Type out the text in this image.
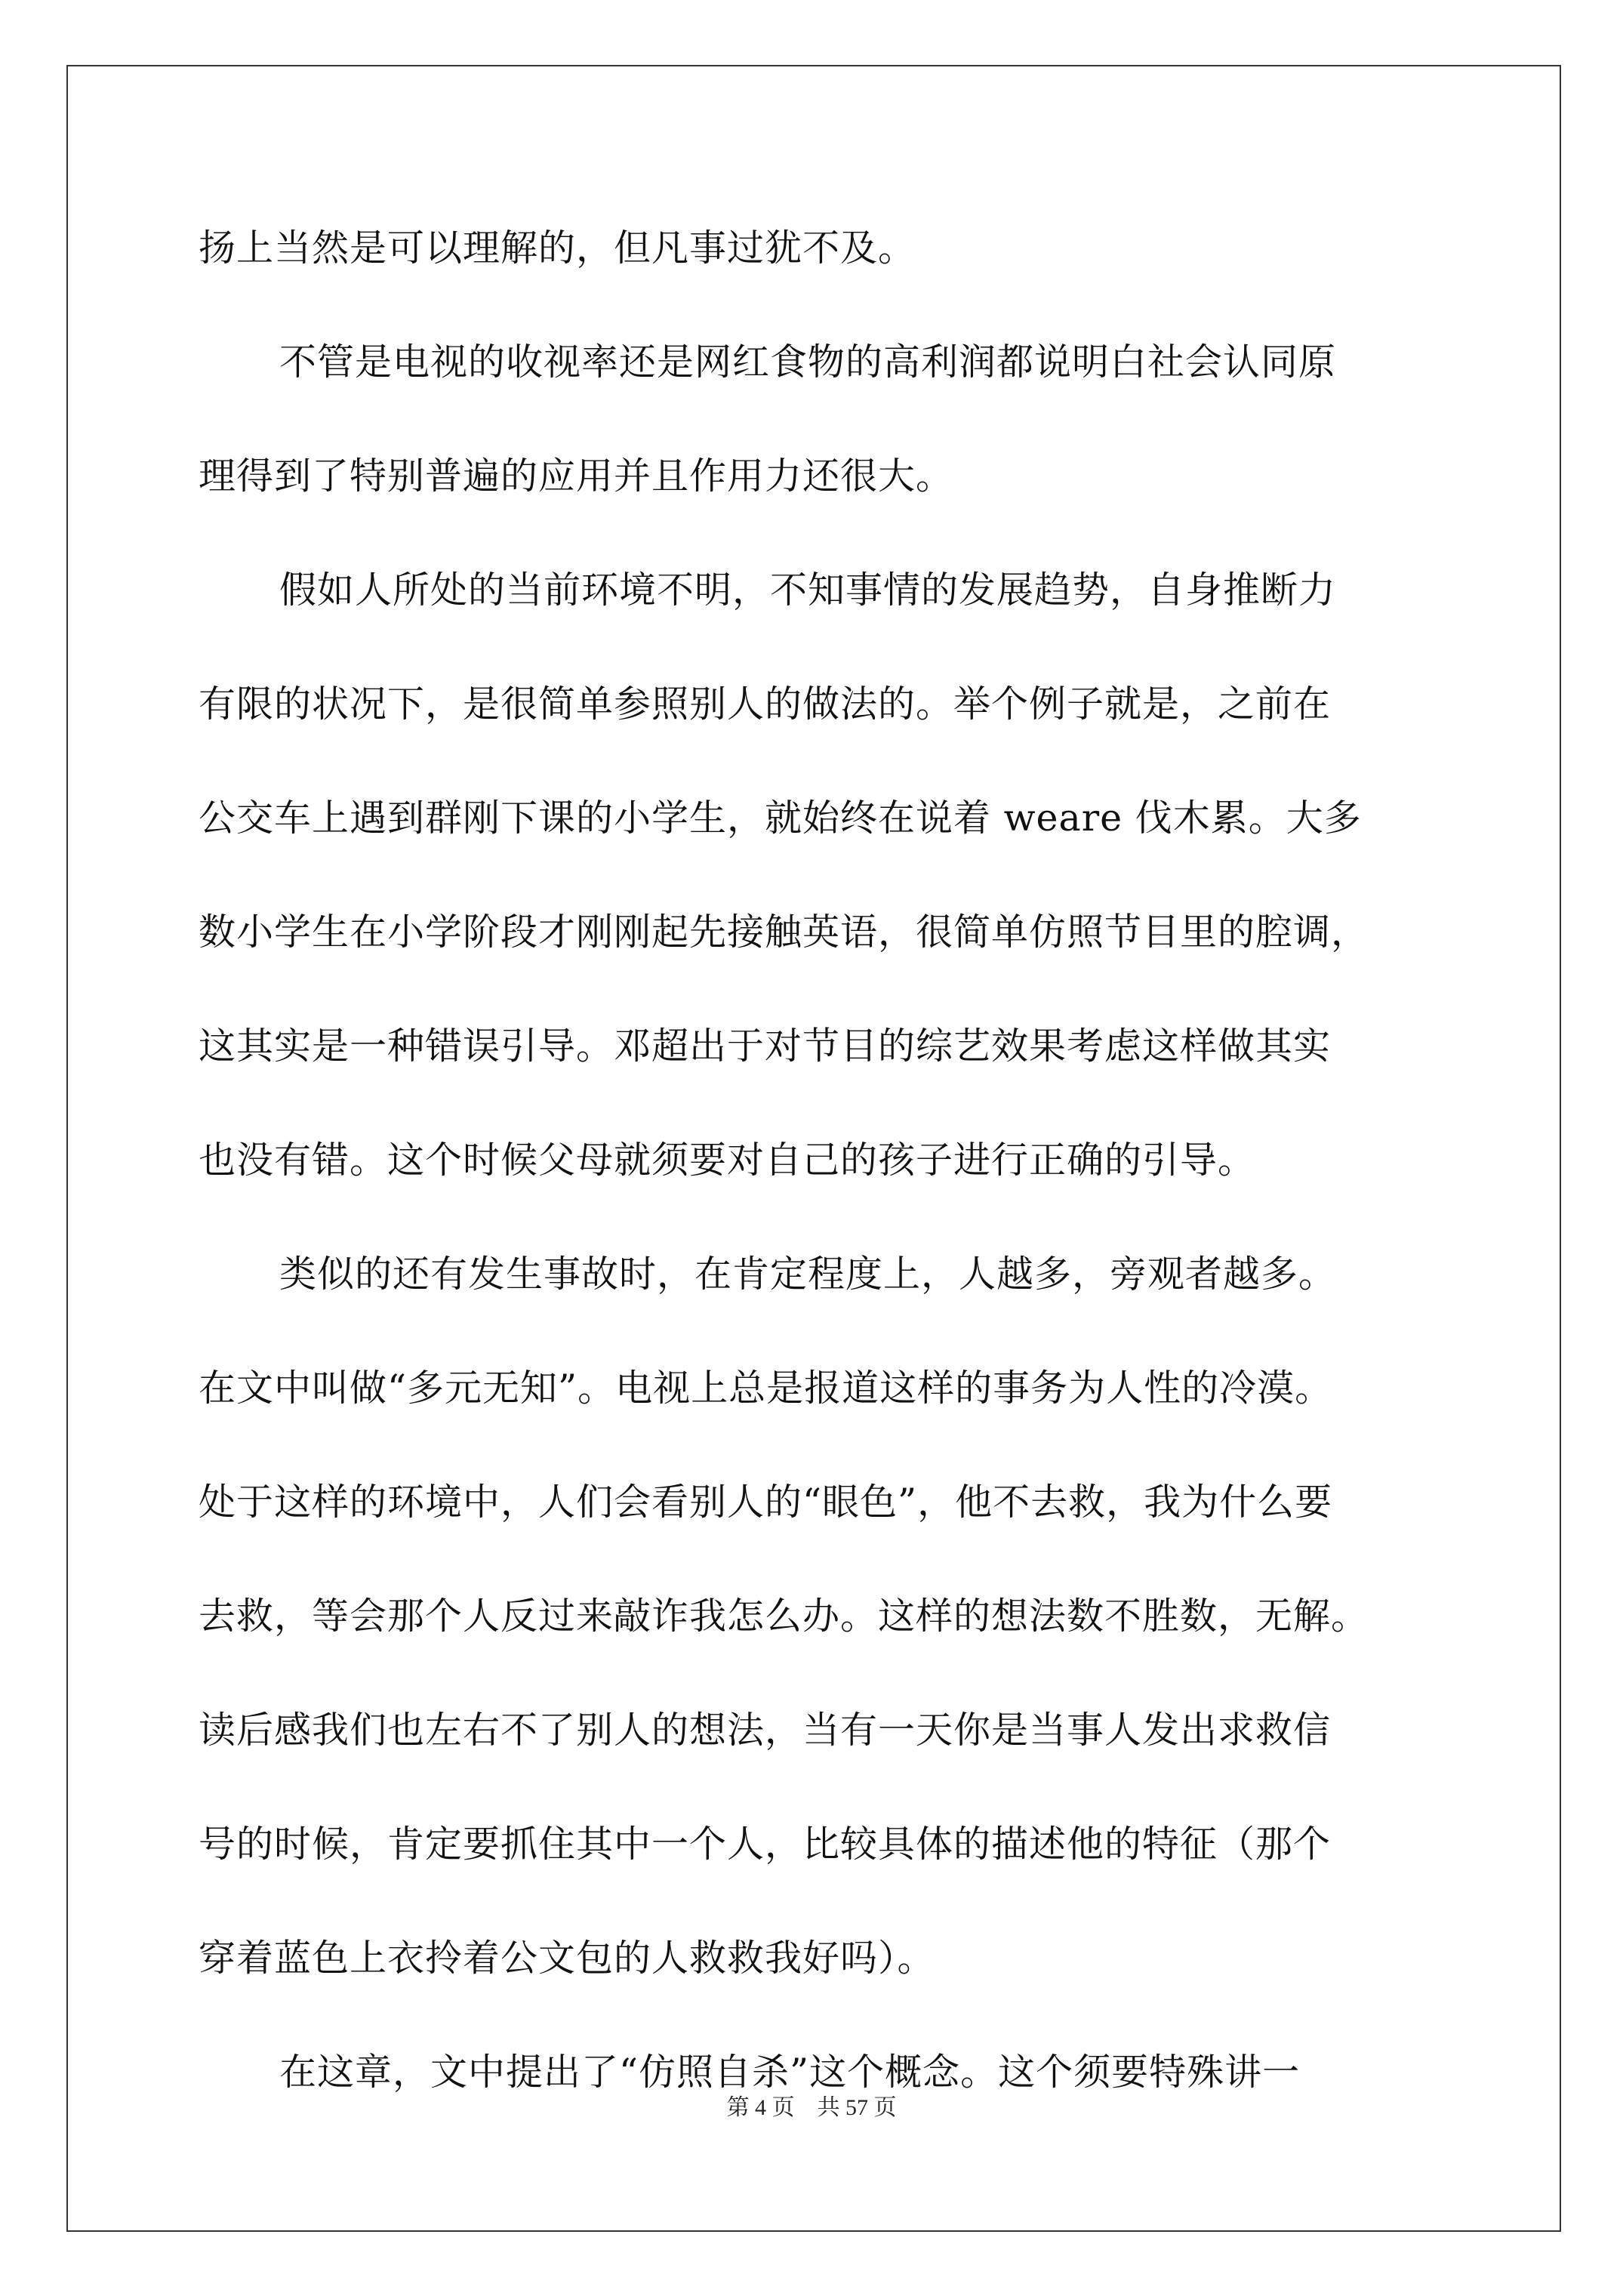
扬上当然是可以理解的，但凡事过犹不及。
不管是电视的收视率还是网红食物的高利润都说明白社会认同原
理得到了特别普遍的应用并且作用力还很大。
假如人所处的当前环境不明，不知事情的发展趋势，自身推断力
有限的状况下，是很简单参照别人的做法的。举个例子就是，之前在
公交车上遇到群刚下课的小学生，就始终在说着 weare 伐木累。大多
数小学生在小学阶段才刚刚起先接触英语，很简单仿照节目里的腔调，
这其实是一种错误引导。邓超出于对节目的综艺效果考虑这样做其实
也没有错。这个时候父母就须要对自己的孩子进行正确的引导。
类似的还有发生事故时，在肯定程度上，人越多，旁观者越多。
在文中叫做“多元无知”。电视上总是报道这样的事务为人性的冷漠。
处于这样的环境中，人们会看别人的“眼色”，他不去救，我为什么要
去救，等会那个人反过来敲诈我怎么办。这样的想法数不胜数，无解。
读后感我们也左右不了别人的想法，当有一天你是当事人发出求救信
号的时候，肯定要抓住其中一个人，比较具体的描述他的特征（那个
穿着蓝色上衣拎着公文包的人救救我好吗）。
在这章，文中提出了“仿照自杀”这个概念。这个须要特殊讲一
第 4 页　共 57 页
